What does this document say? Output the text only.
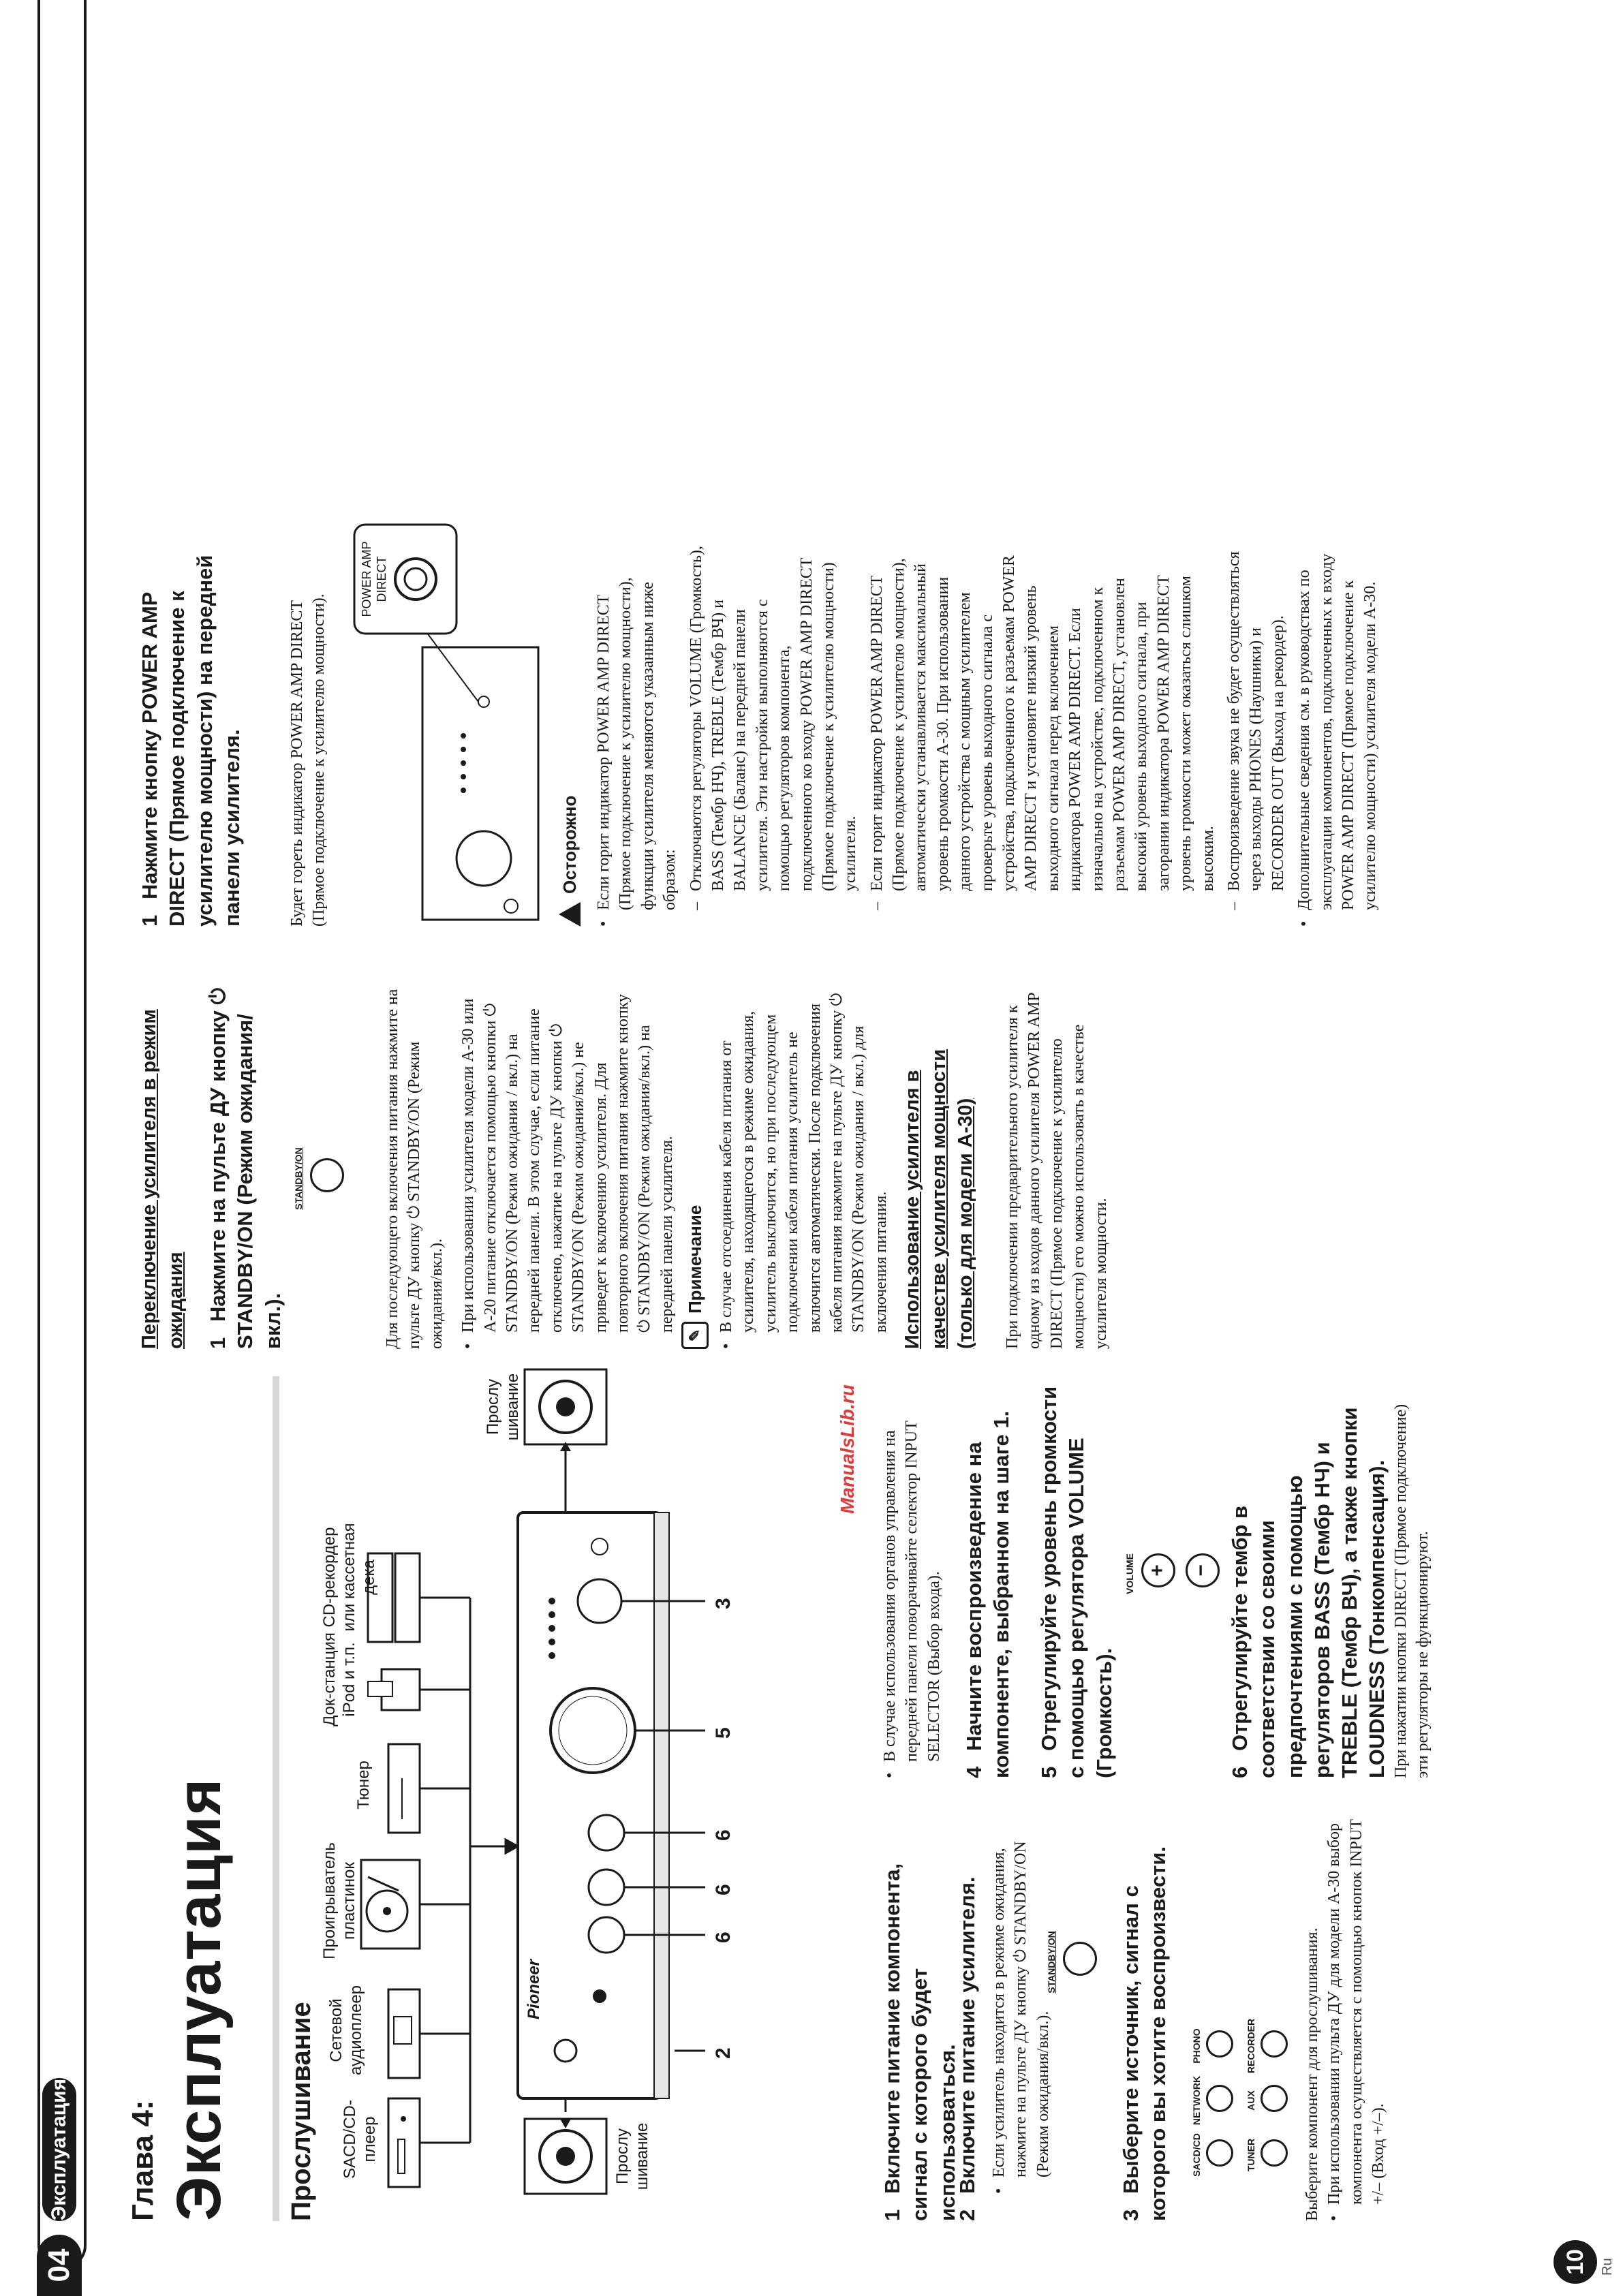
04
Эксплуатация Глава 4: Эксплуатация Прослушивание SACD/CD-плеер
Сетевой аудиоплеер
Проигрыватель пластинок
Тюнер
Док-станция iPod и т.п.
CD-рекордер или кассетная дека
Прослу шивание
Прослу шивание
Pioneer
2
6
6
6
5
3
1Включите питание компонента, сигнал с которого будет использоваться.
2Включите питание усилителя. • Если усилитель находится в режиме ожидания, нажмите на пульте ДУ кнопку ⏻ STANDBY/ON (Режим ожидания/вкл.).
STANDBY/ON
3Выберите источник, сигнал с которого вы хотите воспроизвести. SACD/CD
NETWORK
PHONO
TUNER
AUX
RECORDER	Выберите компонент для прослушивания. • При использовании пульта ДУ для модели A-30 выбор компонента осуществляется с помощью кнопок INPUT +/– (Вход +/–).
• В случае использования органов управления на передней панели поворачивайте селектор INPUT SELECTOR (Выбор входа).
4Начните воспроизведение на компоненте, выбранном на шаге 1. 5Отрегулируйте уровень громкости с помощью регулятора VOLUME (Громкость).
VOLUME +	−
6Отрегулируйте тембр в соответствии со своими предпочтениями с помощью регуляторов BASS (Тембр НЧ) и TREBLE (Тембр ВЧ), а также кнопки LOUDNESS (Тонкомпенсация). При нажатии кнопки DIRECT (Прямое подключение) эти регуляторы не функционируют.
Переключение усилителя в режим ожидания 1Нажмите на пульте ДУ кнопку ⏻ STANDBY/ON (Режим ожидания/вкл.).
STANDBY/ON	Для последующего включения питания нажмите на пульте ДУ кнопку ⏻ STANDBY/ON (Режим ожидания/вкл.). • При использовании усилителя модели A-30 или A-20 питание отключается помощью кнопки ⏻ STANDBY/ON (Режим ожидания / вкл.) на передней панели. В этом случае, если питание отключено, нажатие на пульте ДУ кнопки ⏻ STANDBY/ON (Режим ожидания/вкл.) не приведет к включению усилителя. Для повторного включения питания нажмите кнопку ⏻ STANDBY/ON (Режим ожидания/вкл.) на передней панели усилителя.
✎
Примечание • В случае отсоединения кабеля питания от усилителя, находящегося в режиме ожидания, усилитель выключится, но при последующем подключении кабеля питания усилитель не включится автоматически. После подключения кабеля питания нажмите на пульте ДУ кнопку ⏻ STANDBY/ON (Режим ожидания / вкл.) для включения питания. Использование усилителя в качестве усилителя мощности (только для модели A-30) При подключении предварительного усилителя к одному из входов данного усилителя POWER AMP DIRECT (Прямое подключение к усилителю мощности) его можно использовать в качестве усилителя мощности.
ManualsLib.ru
1Нажмите кнопку POWER AMP DIRECT (Прямое подключение к усилителю мощности) на передней панели усилителя.	Будет гореть индикатор POWER AMP DIRECT (Прямое подключение к усилителю мощности).
POWER AMP DIRECT
Осторожно • Если горит индикатор POWER AMP DIRECT (Прямое подключение к усилителю мощности), функции усилителя меняются указанным ниже образом: – Отключаются регуляторы VOLUME (Громкость), BASS (Тембр НЧ), TREBLE (Тембр ВЧ) и BALANCE (Баланс) на передней панели усилителя. Эти настройки выполняются с помощью регуляторов компонента, подключенного ко входу POWER AMP DIRECT (Прямое подключение к усилителю мощности) усилителя. – Если горит индикатор POWER AMP DIRECT (Прямое подключение к усилителю мощности), автоматически устанавливается максимальный уровень громкости A-30. При использовании данного устройства с мощным усилителем проверьте уровень выходного сигнала с устройства, подключенного к разъемам POWER AMP DIRECT и установите низкий уровень выходного сигнала перед включением индикатора POWER AMP DIRECT. Если изначально на устройстве, подключенном к разъемам POWER AMP DIRECT, установлен высокий уровень выходного сигнала, при загорании индикатора POWER AMP DIRECT уровень громкости может оказаться слишком высоким. – Воспроизведение звука не будет осуществляться через выходы PHONES (Наушники) и RECORDER OUT (Выход на рекордер). • Дополнительные сведения см. в руководствах по эксплуатации компонентов, подключенных к входу POWER AMP DIRECT (Прямое подключение к усилителю мощности) усилителя модели A-30.
10 Ru
